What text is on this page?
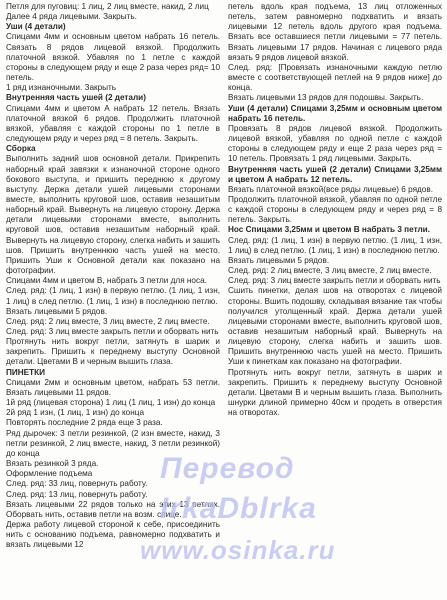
Петля для пуговиц: 1 лиц, 2 лиц вместе, накид, 2 лиц

Далее 4 ряда лицевыми. Закрыть.

Уши (4 детали)

Спицами 4мм и основным цветом набрать 16 петель. Связать 8 рядов лицевой вязкой. Продолжить платочной вязкой. Убавляя по 1 петле с каждой стороны в следующем ряду и еще 2 раза через ряд= 10 петель.

1 ряд изнаночными. Закрыть

Внутренняя часть ушей (2 детали)

Спицами 4мм и цветом А набрать 12 петель. Вязать платочной вязкой 6 рядов. Продолжить платочной вязкой, убавляя с каждой стороны по 1 петле в следующем ряду и через ряд = 8 петель. Закрыть.

Сборка

Выполнить задний шов основной детали. Прикрепить наборный край завязки к изнаночной стороне одного бокового выступа, и пришить переднюю к другому выступу. Держа детали ушей лицевыми сторонами вместе, выполнить круговой шов, оставив незашитым наборный край. Вывернуть на лицевую сторону. Держа детали лицевыми сторонами вместе, выполнить круговой шов, оставив незашитым наборный край. Вывернуть на лицевую сторону, слегка набить и зашить шов. Пришить внутреннюю часть ушей на место. Пришить Уши к Основной детали как показано на фотографии.

Спицами 4мм и цветом B, набрать 3 петли для носа.

След. ряд: (1 лиц, 1 изн) в первую петлю. (1 лиц, 1 изн, 1 лиц) в след петлю. (1 лиц, 1 изн) в последнюю петлю.

Вязать лицевыми 5 рядов.

След. ряд: 2 лиц вместе, 3 лиц вместе, 2 лиц вместе.

След. ряд: 3 лиц вместе закрыть петли и оборвать нить

Протянуть нить вокруг петли, затянуть в шарик и закрепить. Пришить к переднему выступу Основной детали. Цветами В и черным вышить глаза.

ПИНЕТКИ

Спицами 2мм и основным цветом, набрать 53 петли. Вязать лицевыми 11 рядов.

1й ряд (лицевая сторона) 1 лиц (1 лиц, 1 изн) до конца

2й ряд 1 изн, (1 лиц, 1 изн) до конца

Повторять последние 2 ряда еще 3 раза.

Ряд дырочек: 3 петли резинкой, (2 изн вместе, накид, 3 петли резинкой, 2 лиц вместе, накид, 3 петли резинкой) до конца

Вязать резинкой 3 ряда.

Оформление подъема

След. ряд: 33 лиц, повернуть работу.

След. ряд: 13 лиц, повернуть работу.

Вязать лицевыми 22 рядов только на этих 13 петлях. Оборвать нить, оставив петли на возм. спице.

Держа работу лицевой стороной к себе, присоединить нить с основанию подъема, равномерно подхватить и вязать лицевыми 12

петель вдоль края подъема, 13 лиц отложенных петель, затем равномерно подхватить и вязать лицевыми 12 петель вдоль другого края подъема. Вязать все оставшиеся петли лицевыми = 77 петель. Вязать лицевыми 17 рядов. Начиная с лицевого ряда вязать 9 рядов лицевой вязкой.

След. ряд: [Провязать изнаночными каждую петлю вместе с соответствующей петлей на 9 рядов ниже] до конца.

Вязать лицевыми 13 рядов для подошвы. Закрыть.

Уши (4 детали) Спицами 3,25мм и основным цветом набрать 16 петель.

Провязать 8 рядов лицевой вязкой. Продолжить лицевой вязкой, убавляя по одной петле с каждой стороны в следующем ряду и еще 2 раза через ряд = 10 петель. Провязать 1 ряд лицевыми. Закрыть.

Внутренняя часть ушей (2 детали) Спицами 3,25мм и цветом А набрать 12 петель.

Вязать платочной вязкой(все ряды лицевые) 6 рядов.

Продолжить платочной вязкой, убавляя по одной петле с каждой стороны в следующем ряду и через ряд = 8 петель. Закрыть.

Нос Спицами 3,25мм и цветом В набрать 3 петли.

След. ряд: (1 лиц, 1 изн) в первую петлю. (1 лиц, 1 изн, 1 лиц) в след петлю. (1 лиц, 1 изн) в последнюю петлю.

Вязать лицевыми 5 рядов.

След. ряд: 2 лиц вместе, 3 лиц вместе, 2 лиц вместе.

След. ряд: 3 лиц вместе закрыть петли и оборвать нить

Сшить пинетки, делая шов на отворотах с лицевой стороны. Вшить подошву, складывая вязание так чтобы получился утолщенный край. Держа детали ушей лицевыми сторонами вместе, выполнить круговой шов, оставив незашитым наборный край. Вывернуть на лицевую сторону, слегка набить и зашить шов. Пришить внутреннюю часть ушей на место. Пришить Уши к пинеткам как показано на фотографии.

Протянуть нить вокруг петли, затянуть в шарик и закрепить. Пришить к переднему выступу Основной детали. Цветами В и черным вышить глаза. Выполнить шнурки длиной примерно 40см и продеть в отверстия на отворотах.

Перевод
IrkaDblrka
www.osinka.ru
